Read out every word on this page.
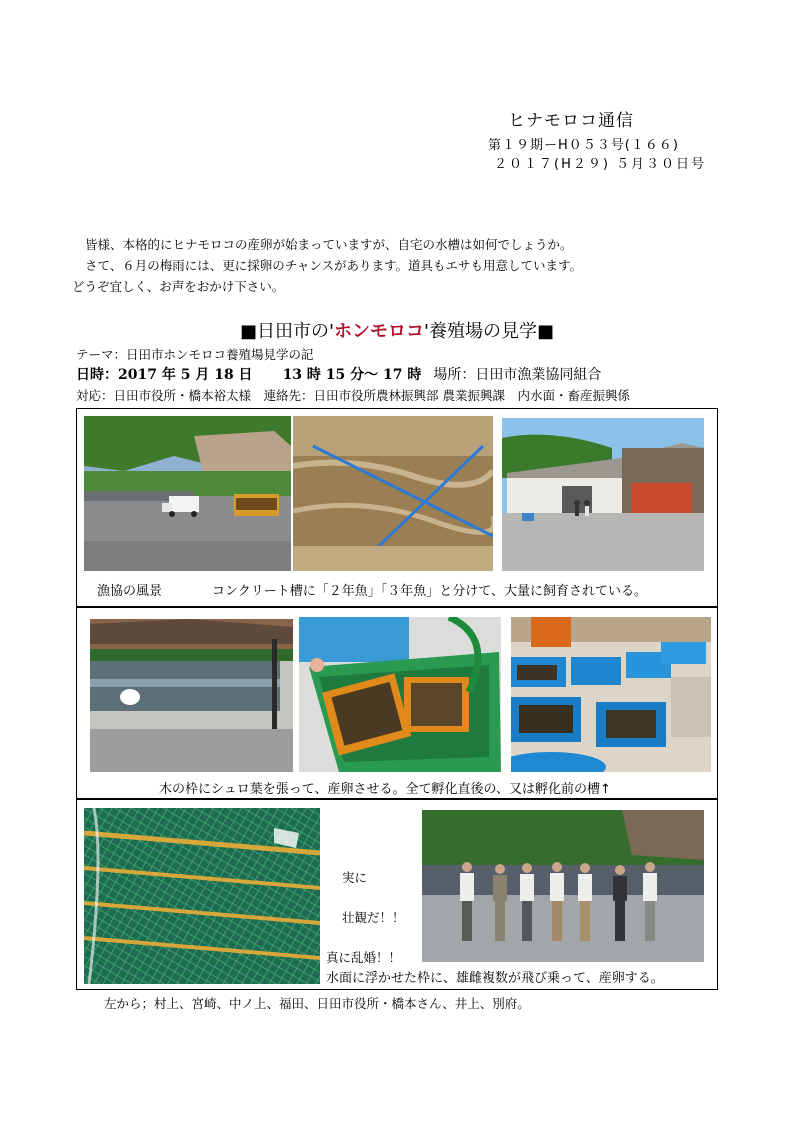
ヒナモロコ通信
第１９期ーH０５３号(１６６)
２０１７(H２９) ５月３０日号
皆様、本格的にヒナモロコの産卵が始まっていますが、自宅の水槽は如何でしょうか。
さて、６月の梅雨には、更に採卵のチャンスがあります。道具もエサも用意しています。
どうぞ宜しく、お声をおかけ下さい。
■日田市の'ホンモロコ'養殖場の見学■
テーマ：日田市ホンモロコ養殖場見学の記
日時：2017 年 5 月 18 日 13 時 15 分～ 17 時 場所：日田市漁業協同組合
対応：日田市役所・橋本裕太様　連絡先：日田市役所農林振興部 農業振興課　内水面・畜産振興係
漁協の風景	コンクリート槽に「２年魚」「３年魚」と分けて、大量に飼育されている。
木の枠にシュロ葉を張って、産卵させる。全て孵化直後の、又は孵化前の槽↑
実に
壮観だ！！
真に乱婚！！
水面に浮かせた枠に、雄雌複数が飛び乗って、産卵する。
左から；村上、宮崎、中ノ上、福田、日田市役所・橋本さん、井上、別府。
